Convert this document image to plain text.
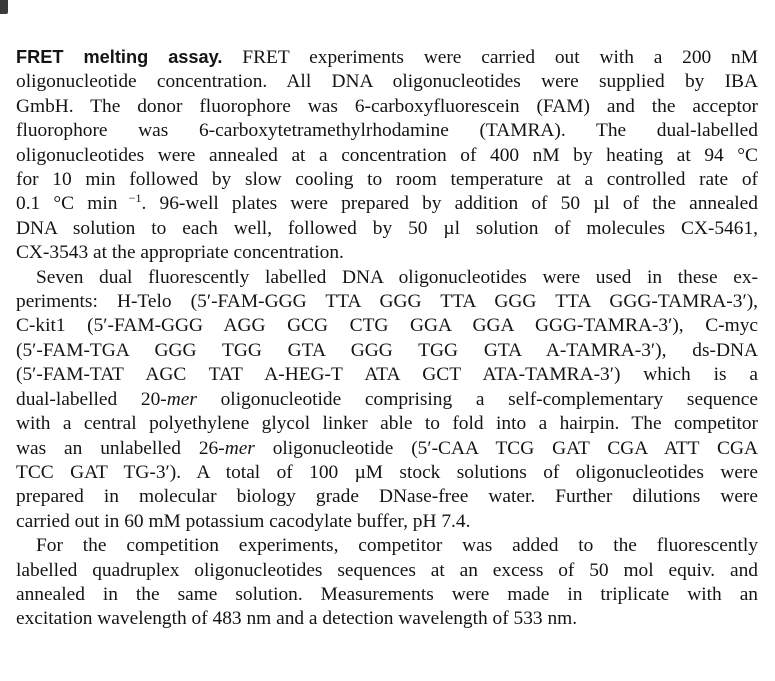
FRET melting assay. FRET experiments were carried out with a 200 nM
oligonucleotide concentration. All DNA oligonucleotides were supplied by IBA
GmbH. The donor fluorophore was 6-carboxyfluorescein (FAM) and the acceptor
fluorophore was 6-carboxytetramethylrhodamine (TAMRA). The dual-labelled
oligonucleotides were annealed at a concentration of 400 nM by heating at 94 °C
for 10 min followed by slow cooling to room temperature at a controlled rate of
0.1 °C min $^{-1}$. 96-well plates were prepared by addition of 50 µl of the annealed
DNA solution to each well, followed by 50 µl solution of molecules CX-5461,
CX-3543 at the appropriate concentration.

Seven dual fluorescently labelled DNA oligonucleotides were used in these ex-
periments: H-Telo (5′-FAM-GGG TTA GGG TTA GGG TTA GGG-TAMRA-3′),
C-kit1 (5′-FAM-GGG AGG GCG CTG GGA GGA GGG-TAMRA-3′), C-myc
(5′-FAM-TGA GGG TGG GTA GGG TGG GTA A-TAMRA-3′), ds-DNA
(5′-FAM-TAT AGC TAT A-HEG-T ATA GCT ATA-TAMRA-3′) which is a
dual-labelled 20-mer oligonucleotide comprising a self-complementary sequence
with a central polyethylene glycol linker able to fold into a hairpin. The competitor
was an unlabelled 26-mer oligonucleotide (5′-CAA TCG GAT CGA ATT CGA
TCC GAT TG-3′). A total of 100 µM stock solutions of oligonucleotides were
prepared in molecular biology grade DNase-free water. Further dilutions were
carried out in 60 mM potassium cacodylate buffer, pH 7.4.

For the competition experiments, competitor was added to the fluorescently
labelled quadruplex oligonucleotides sequences at an excess of 50 mol equiv. and
annealed in the same solution. Measurements were made in triplicate with an
excitation wavelength of 483 nm and a detection wavelength of 533 nm.
